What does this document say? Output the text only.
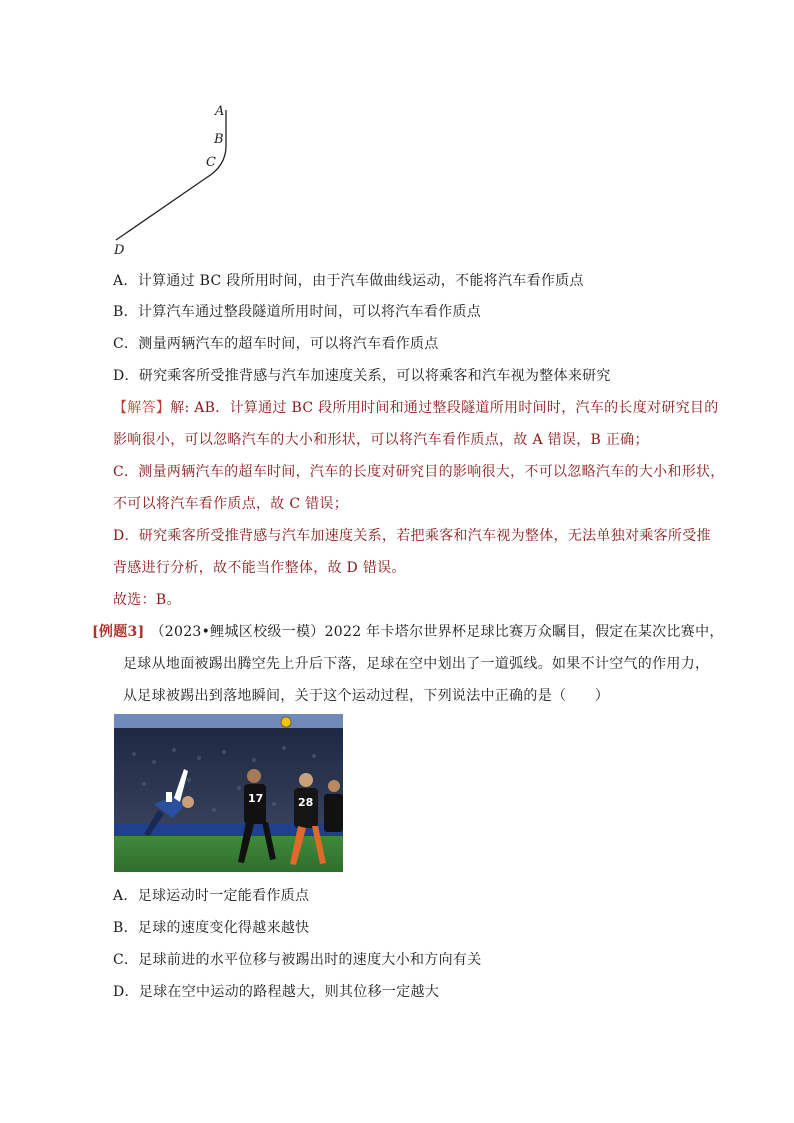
A
B
C
D
A．计算通过 BC 段所用时间，由于汽车做曲线运动，不能将汽车看作质点
B．计算汽车通过整段隧道所用时间，可以将汽车看作质点
C．测量两辆汽车的超车时间，可以将汽车看作质点
D．研究乘客所受推背感与汽车加速度关系，可以将乘客和汽车视为整体来研究
【解答】解: AB．计算通过 BC 段所用时间和通过整段隧道所用时间时，汽车的长度对研究目的
影响很小，可以忽略汽车的大小和形状，可以将汽车看作质点，故 A 错误，B 正确；
C．测量两辆汽车的超车时间，汽车的长度对研究目的影响很大，不可以忽略汽车的大小和形状，
不可以将汽车看作质点，故 C 错误；
D．研究乘客所受推背感与汽车加速度关系，若把乘客和汽车视为整体，无法单独对乘客所受推
背感进行分析，故不能当作整体，故 D 错误。
故选：B。
[例题3] （2023•鲤城区校级一模）2022 年卡塔尔世界杯足球比赛万众瞩目，假定在某次比赛中，
足球从地面被踢出腾空先上升后下落，足球在空中划出了一道弧线。如果不计空气的作用力，
从足球被踢出到落地瞬间，关于这个运动过程，下列说法中正确的是（　　）
17	28
A．足球运动时一定能看作质点
B．足球的速度变化得越来越快
C．足球前进的水平位移与被踢出时的速度大小和方向有关
D．足球在空中运动的路程越大，则其位移一定越大
